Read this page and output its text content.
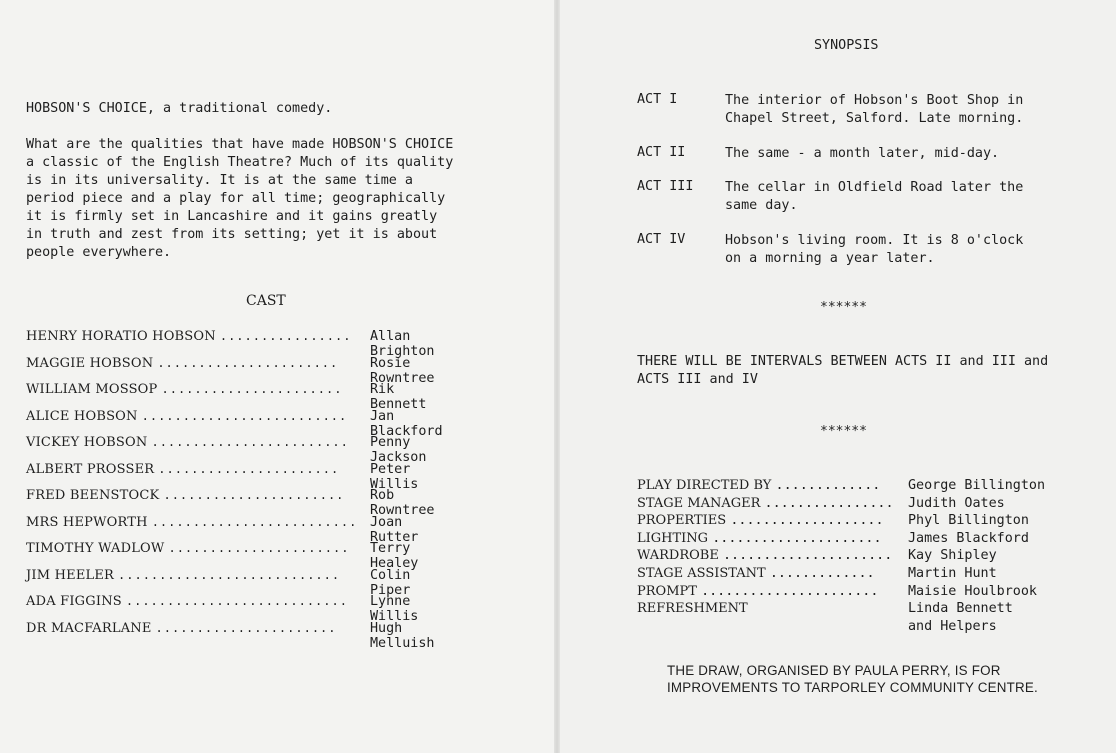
HOBSON'S CHOICE, a traditional comedy.

What are the qualities that have made HOBSON'S CHOICE
a classic of the English Theatre? Much of its quality
is in its universality. It is at the same time a
period piece and a play for all time; geographically
it is firmly set in Lancashire and it gains greatly
in truth and zest from its setting; yet it is about
people everywhere.
CAST
HENRY HORATIO HOBSON ................ Allan Brighton
MAGGIE HOBSON ...................... Rosie Rowntree
WILLIAM MOSSOP ...................... Rik Bennett
ALICE HOBSON ......................... Jan Blackford
VICKEY HOBSON ........................ Penny Jackson
ALBERT PROSSER ...................... Peter Willis
FRED BEENSTOCK ...................... Rob Rowntree
MRS HEPWORTH ......................... Joan Rutter
TIMOTHY WADLOW ...................... Terry Healey
JIM HEELER ........................... Colin Piper
ADA FIGGINS ........................... Lynne Willis
DR MACFARLANE ......................	Hugh Melluish
SYNOPSIS
ACT I	The interior of Hobson's Boot Shop in
Chapel Street, Salford. Late morning.
ACT II	The same - a month later, mid-day.
ACT III The cellar in Oldfield Road later the
same day.
ACT IV	Hobson's living room. It is 8 o'clock
on a morning a year later.
******
THERE WILL BE INTERVALS BETWEEN ACTS II and III and
ACTS III and IV
******
PLAY DIRECTED BY ............. George Billington
STAGE MANAGER ................ Judith Oates
PROPERTIES ................... Phyl Billington
LIGHTING ..................... James Blackford
WARDROBE ..................... Kay Shipley
STAGE ASSISTANT ............. Martin Hunt
PROMPT ...................... Maisie Houlbrook
REFRESHMENT	Linda Bennett
and Helpers
THE DRAW, ORGANISED BY PAULA PERRY, IS FOR
IMPROVEMENTS TO TARPORLEY COMMUNITY CENTRE.
